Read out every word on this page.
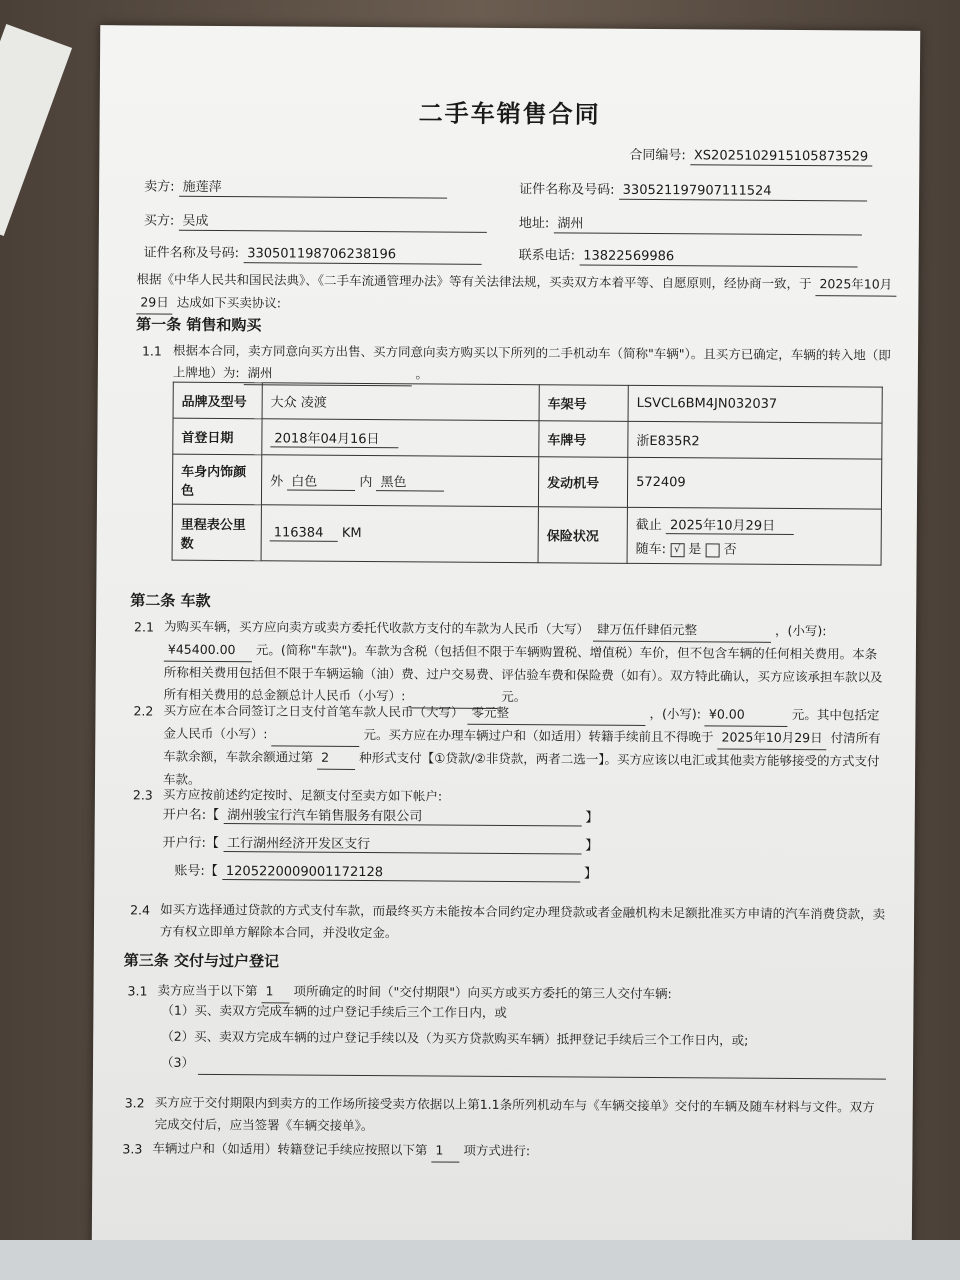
二手车销售合同
合同编号: XS2025102915105873529
卖方: 施莲萍	证件名称及号码: 330521197907111524
买方: 吴成	地址: 湖州
证件名称及号码: 330501198706238196	联系电话: 13822569986
根据《中华人民共和国民法典》、《二手车流通管理办法》等有关法律法规，买卖双方本着平等、自愿原则，经协商一致，于 2025年10月 29日 达成如下买卖协议:
第一条 销售和购买
1.1 根据本合同，卖方同意向买方出售、买方同意向卖方购买以下所列的二手机动车（简称"车辆"）。且买方已确定，车辆的转入地（即上牌地）为: 湖州	。
品牌及型号	大众 凌渡	车架号	LSVCL6BM4JN032037
首登日期	2018年04月16日	车牌号	浙E835R2
车身内饰颜色	外 白色 内 黑色	发动机号	572409
里程表公里数	116384 KM	保险状况	截止 2025年10月29日
随车: √ 是 否
第二条 车款
2.1 为购买车辆，买方应向卖方或卖方委托代收款方支付的车款为人民币（大写） 肆万伍仟肆佰元整	，(小写): ¥45400.00 元。(简称"车款")。车款为含税（包括但不限于车辆购置税、增值税）车价，但不包含车辆的任何相关费用。本条所称相关费用包括但不限于车辆运输（油）费、过户交易费、评估验车费和保险费（如有）。双方特此确认，买方应该承担车款以及所有相关费用的总金额总计人民币（小写）:	元。
2.2 买方应在本合同签订之日支付首笔车款人民币（大写） 零元整	，(小写): ¥0.00	元。其中包括定金人民币（小写）:	元。买方应在办理车辆过户和（如适用）转籍手续前且不得晚于 2025年10月29日 付清所有车款余额，车款余额通过第 2 种形式支付【①贷款/②非贷款，两者二选一】。买方应该以电汇或其他卖方能够接受的方式支付车款。
2.3 买方应按前述约定按时、足额支付至卖方如下帐户:
开户名:【 湖州骏宝行汽车销售服务有限公司	】
开户行:【 工行湖州经济开发区支行	】
账号:【 1205220009001172128	】
2.4 如买方选择通过贷款的方式支付车款，而最终买方未能按本合同约定办理贷款或者金融机构未足额批准买方申请的汽车消费贷款，卖方有权立即单方解除本合同，并没收定金。
第三条 交付与过户登记
3.1 卖方应当于以下第 1 项所确定的时间（"交付期限"）向买方或买方委托的第三人交付车辆:
（1）买、卖双方完成车辆的过户登记手续后三个工作日内，或
（2）买、卖双方完成车辆的过户登记手续以及（为买方贷款购买车辆）抵押登记手续后三个工作日内，或;
（3）
3.2 买方应于交付期限内到卖方的工作场所接受卖方依据以上第1.1条所列机动车与《车辆交接单》交付的车辆及随车材料与文件。双方完成交付后，应当签署《车辆交接单》。
3.3 车辆过户和（如适用）转籍登记手续应按照以下第 1 项方式进行:
